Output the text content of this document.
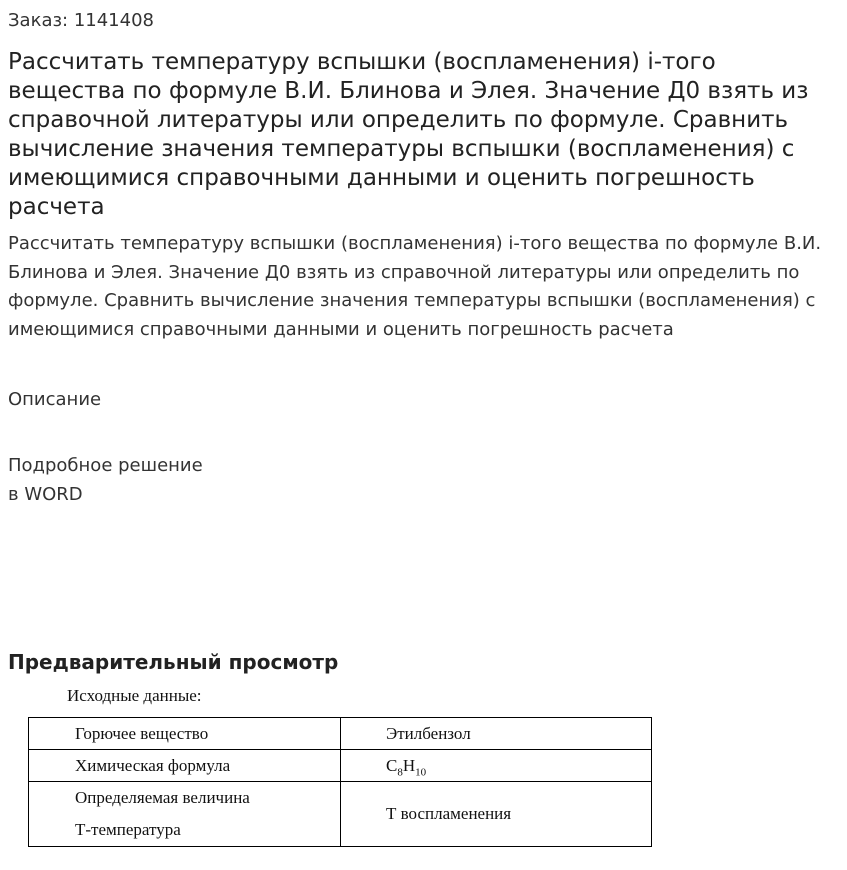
Заказ: 1141408
Рассчитать температуру вспышки (воспламенения) i-того вещества по формуле В.И. Блинова и Элея. Значение Д0 взять из справочной литературы или определить по формуле. Сравнить вычисление значения температуры вспышки (воспламенения) с имеющимися справочными данными и оценить погрешность расчета

Рассчитать температуру вспышки (воспламенения) i-того вещества по формуле В.И. Блинова и Элея. Значение Д0 взять из справочной литературы или определить по формуле. Сравнить вычисление значения температуры вспышки (воспламенения) с имеющимися справочными данными и оценить погрешность расчета

Описание
Подробное решение
в WORD
Предварительный просмотр
Исходные данные:
Горючее вещество	Этилбензол
Химическая формула	$C_8H_{10}$

Определяемая величина
Т-температура	Т воспламенения
